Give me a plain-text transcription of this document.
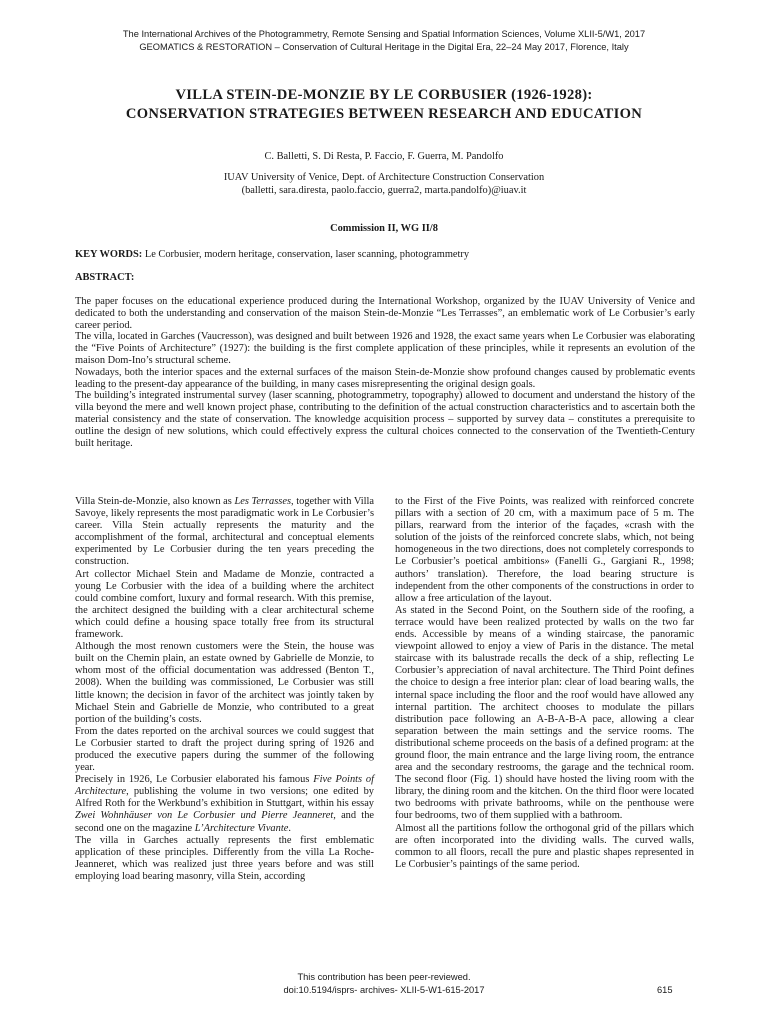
The International Archives of the Photogrammetry, Remote Sensing and Spatial Information Sciences, Volume XLII-5/W1, 2017
GEOMATICS & RESTORATION – Conservation of Cultural Heritage in the Digital Era, 22–24 May 2017, Florence, Italy
VILLA STEIN-DE-MONZIE BY LE CORBUSIER (1926-1928):
CONSERVATION STRATEGIES BETWEEN RESEARCH AND EDUCATION
C. Balletti, S. Di Resta, P. Faccio, F. Guerra, M. Pandolfo
IUAV University of Venice, Dept. of Architecture Construction Conservation
(balletti, sara.diresta, paolo.faccio, guerra2, marta.pandolfo)@iuav.it
Commission II, WG II/8
KEY WORDS: Le Corbusier, modern heritage, conservation, laser scanning, photogrammetry
ABSTRACT:

The paper focuses on the educational experience produced during the International Workshop, organized by the IUAV University of Venice and dedicated to both the understanding and conservation of the maison Stein-de-Monzie “Les Terrasses”, an emblematic work of Le Corbusier’s early career period.

The villa, located in Garches (Vaucresson), was designed and built between 1926 and 1928, the exact same years when Le Corbusier was elaborating the “Five Points of Architecture” (1927): the building is the first complete application of these principles, while it represents an evolution of the maison Dom-Ino’s structural scheme.

Nowadays, both the interior spaces and the external surfaces of the maison Stein-de-Monzie show profound changes caused by problematic events leading to the present-day appearance of the building, in many cases misrepresenting the original design goals.

The building’s integrated instrumental survey (laser scanning, photogrammetry, topography) allowed to document and understand the history of the villa beyond the mere and well known project phase, contributing to the definition of the actual construction characteristics and to ascertain both the material consistency and the state of conservation. The knowledge acquisition process – supported by survey data – constitutes a prerequisite to outline the design of new solutions, which could effectively express the cultural choices connected to the conservation of the Twentieth-Century built heritage.

Villa Stein-de-Monzie, also known as Les Terrasses, together with Villa Savoye, likely represents the most paradigmatic work in Le Corbusier’s career. Villa Stein actually represents the maturity and the accomplishment of the formal, architectural and conceptual elements experimented by Le Corbusier during the ten years preceding the construction.

Art collector Michael Stein and Madame de Monzie, contracted a young Le Corbusier with the idea of a building where the architect could combine comfort, luxury and formal research. With this premise, the architect designed the building with a clear architectural scheme which could define a housing space totally free from its structural framework.

Although the most renown customers were the Stein, the house was built on the Chemin plain, an estate owned by Gabrielle de Monzie, to whom most of the official documentation was addressed (Benton T., 2008). When the building was commissioned, Le Corbusier was still little known; the decision in favor of the architect was jointly taken by Michael Stein and Gabrielle de Monzie, who contributed to a great portion of the building’s costs.

From the dates reported on the archival sources we could suggest that Le Corbusier started to draft the project during spring of 1926 and produced the executive papers during the summer of the following year.

Precisely in 1926, Le Corbusier elaborated his famous Five Points of Architecture, publishing the volume in two versions; one edited by Alfred Roth for the Werkbund’s exhibition in Stuttgart, within his essay Zwei Wohnhäuser von Le Corbusier und Pierre Jeanneret, and the second one on the magazine L’Architecture Vivante.

The villa in Garches actually represents the first emblematic application of these principles. Differently from the villa La Roche-Jeanneret, which was realized just three years before and was still employing load bearing masonry, villa Stein, according

to the First of the Five Points, was realized with reinforced concrete pillars with a section of 20 cm, with a maximum pace of 5 m. The pillars, rearward from the interior of the façades, «crash with the solution of the joists of the reinforced concrete slabs, which, not being homogeneous in the two directions, does not completely corresponds to Le Corbusier’s poetical ambitions» (Fanelli G., Gargiani R., 1998; authors’ translation). Therefore, the load bearing structure is independent from the other components of the constructions in order to allow a free articulation of the layout.

As stated in the Second Point, on the Southern side of the roofing, a terrace would have been realized protected by walls on the two far ends. Accessible by means of a winding staircase, the panoramic viewpoint allowed to enjoy a view of Paris in the distance. The metal staircase with its balustrade recalls the deck of a ship, reflecting Le Corbusier’s appreciation of naval architecture. The Third Point defines the choice to design a free interior plan: clear of load bearing walls, the internal space including the floor and the roof would have allowed any internal partition. The architect chooses to modulate the pillars distribution pace following an A-B-A-B-A pace, allowing a clear separation between the main settings and the service rooms. The distributional scheme proceeds on the basis of a defined program: at the ground floor, the main entrance and the large living room, the entrance area and the secondary restrooms, the garage and the technical room. The second floor (Fig. 1) should have hosted the living room with the library, the dining room and the kitchen. On the third floor were located two bedrooms with private bathrooms, while on the penthouse were four bedrooms, two of them supplied with a bathroom.

Almost all the partitions follow the orthogonal grid of the pillars which are often incorporated into the dividing walls. The curved walls, common to all floors, recall the pure and plastic shapes represented in Le Corbusier’s paintings of the same period.

This contribution has been peer-reviewed.
doi:10.5194/isprs- archives- XLII-5-W1-615-2017	615
